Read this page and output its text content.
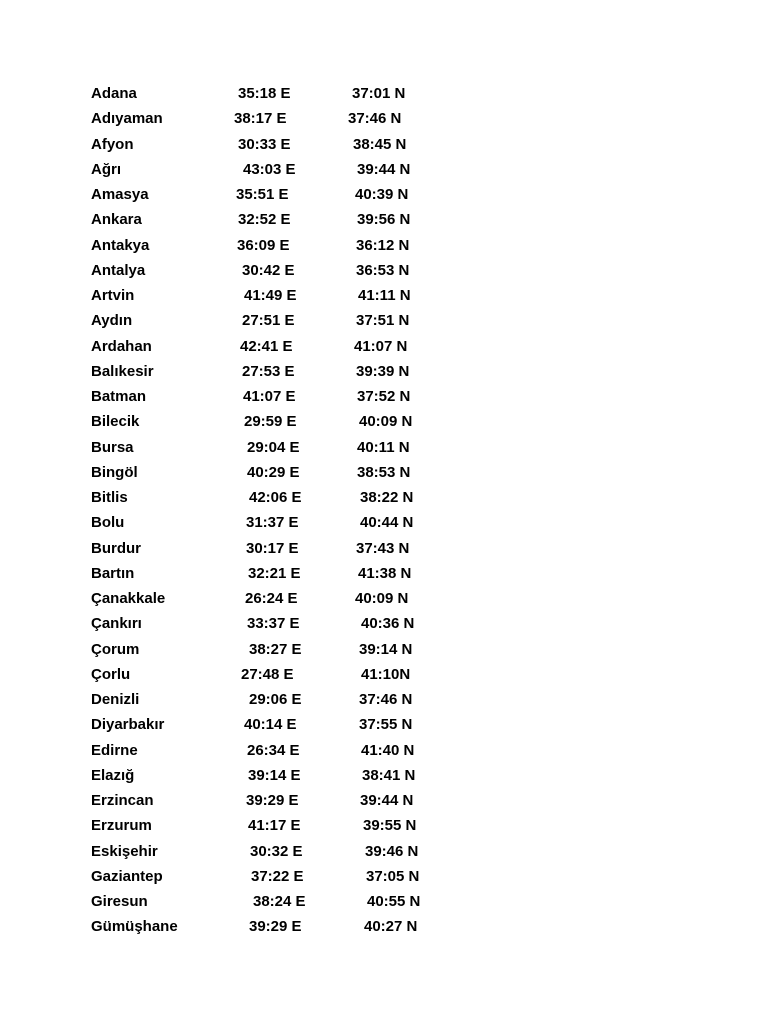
Adana	35:18 E	37:01 N
Adıyaman	38:17 E	37:46 N
Afyon	30:33 E	38:45 N
Ağrı	43:03 E	39:44 N
Amasya	35:51 E	40:39 N
Ankara	32:52 E	39:56 N
Antakya	36:09 E	36:12 N
Antalya	30:42 E	36:53 N
Artvin	41:49 E	41:11 N
Aydın	27:51 E	37:51 N
Ardahan	42:41 E	41:07 N
Balıkesir	27:53 E	39:39 N
Batman	41:07 E	37:52 N
Bilecik	29:59 E	40:09 N
Bursa	29:04 E	40:11 N
Bingöl	40:29 E	38:53 N
Bitlis	42:06 E	38:22 N
Bolu	31:37 E	40:44 N
Burdur	30:17 E	37:43 N
Bartın	32:21 E	41:38 N
Çanakkale	26:24 E	40:09 N
Çankırı	33:37 E	40:36 N
Çorum	38:27 E	39:14 N
Çorlu	27:48 E	41:10N
Denizli	29:06 E	37:46 N
Diyarbakır	40:14 E	37:55 N
Edirne	26:34 E	41:40 N
Elazığ	39:14 E	38:41 N
Erzincan	39:29 E	39:44 N
Erzurum	41:17 E	39:55 N
Eskişehir	30:32 E	39:46 N
Gaziantep	37:22 E	37:05 N
Giresun	38:24 E	40:55 N
Gümüşhane	39:29 E	40:27 N
